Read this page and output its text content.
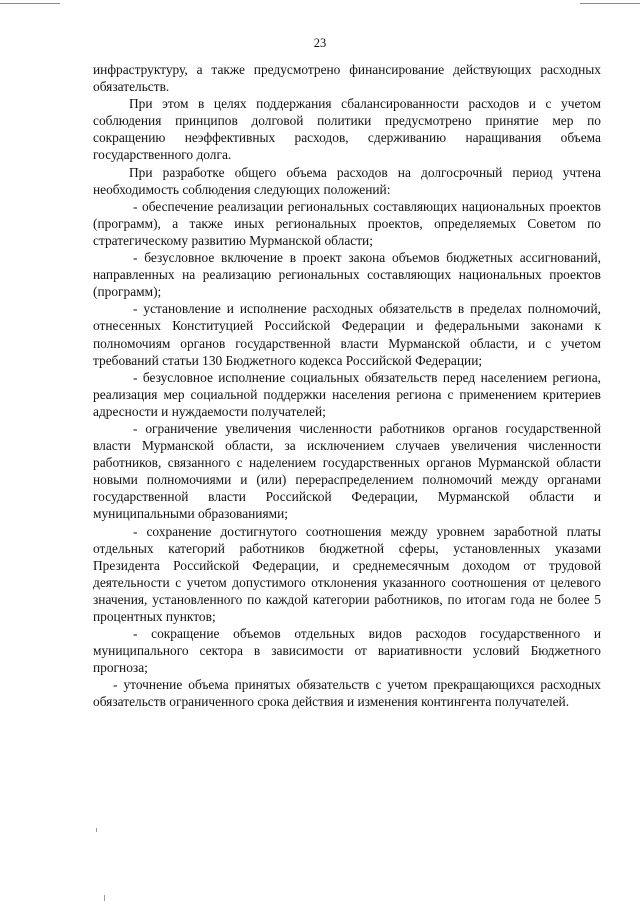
23

инфраструктуру, а также предусмотрено финансирование действующих расходных обязательств.

При этом в целях поддержания сбалансированности расходов и с учетом соблюдения принципов долговой политики предусмотрено принятие мер по сокращению неэффективных расходов, сдерживанию наращивания объема государственного долга.

При разработке общего объема расходов на долгосрочный период учтена необходимость соблюдения следующих положений:

- обеспечение реализации региональных составляющих национальных проектов (программ), а также иных региональных проектов, определяемых Советом по стратегическому развитию Мурманской области;

- безусловное включение в проект закона объемов бюджетных ассигнований, направленных на реализацию региональных составляющих национальных проектов (программ);

- установление и исполнение расходных обязательств в пределах полномочий, отнесенных Конституцией Российской Федерации и федеральными законами к полномочиям органов государственной власти Мурманской области, и с учетом требований статьи 130 Бюджетного кодекса Российской Федерации;

- безусловное исполнение социальных обязательств перед населением региона, реализация мер социальной поддержки населения региона с применением критериев адресности и нуждаемости получателей;

- ограничение увеличения численности работников органов государственной власти Мурманской области, за исключением случаев увеличения численности работников, связанного с наделением государственных органов Мурманской области новыми полномочиями и (или) перераспределением полномочий между органами государственной власти Российской Федерации, Мурманской области и муниципальными образованиями;

- сохранение достигнутого соотношения между уровнем заработной платы отдельных категорий работников бюджетной сферы, установленных указами Президента Российской Федерации, и среднемесячным доходом от трудовой деятельности с учетом допустимого отклонения указанного соотношения от целевого значения, установленного по каждой категории работников, по итогам года не более 5 процентных пунктов;

- сокращение объемов отдельных видов расходов государственного и муниципального сектора в зависимости от вариативности условий Бюджетного прогноза;

- уточнение объема принятых обязательств с учетом прекращающихся расходных обязательств ограниченного срока действия и изменения контингента получателей.
